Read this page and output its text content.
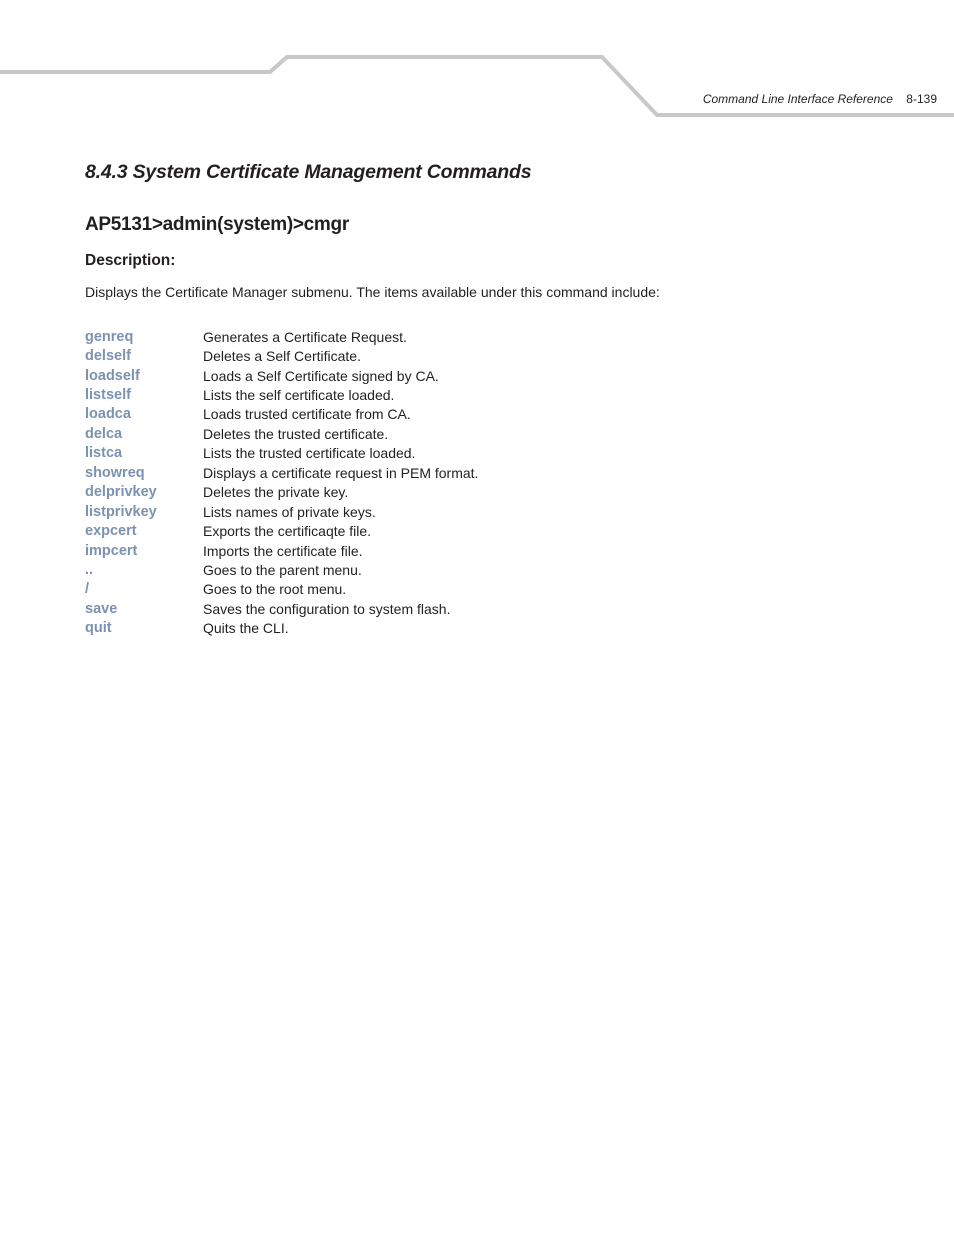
Command Line Interface Reference 8-139
8.4.3 System Certificate Management Commands
AP5131>admin(system)>cmgr
Description:

Displays the Certificate Manager submenu. The items available under this command include:

genreq	Generates a Certificate Request.
delself	Deletes a Self Certificate.
loadself	Loads a Self Certificate signed by CA.
listself	Lists the self certificate loaded.
loadca	Loads trusted certificate from CA.
delca	Deletes the trusted certificate.
listca	Lists the trusted certificate loaded.
showreq	Displays a certificate request in PEM format.
delprivkey	Deletes the private key.
listprivkey	Lists names of private keys.
expcert	Exports the certificaqte file.
impcert	Imports the certificate file.
..	Goes to the parent menu.
/	Goes to the root menu.
save	Saves the configuration to system flash.
quit	Quits the CLI.
